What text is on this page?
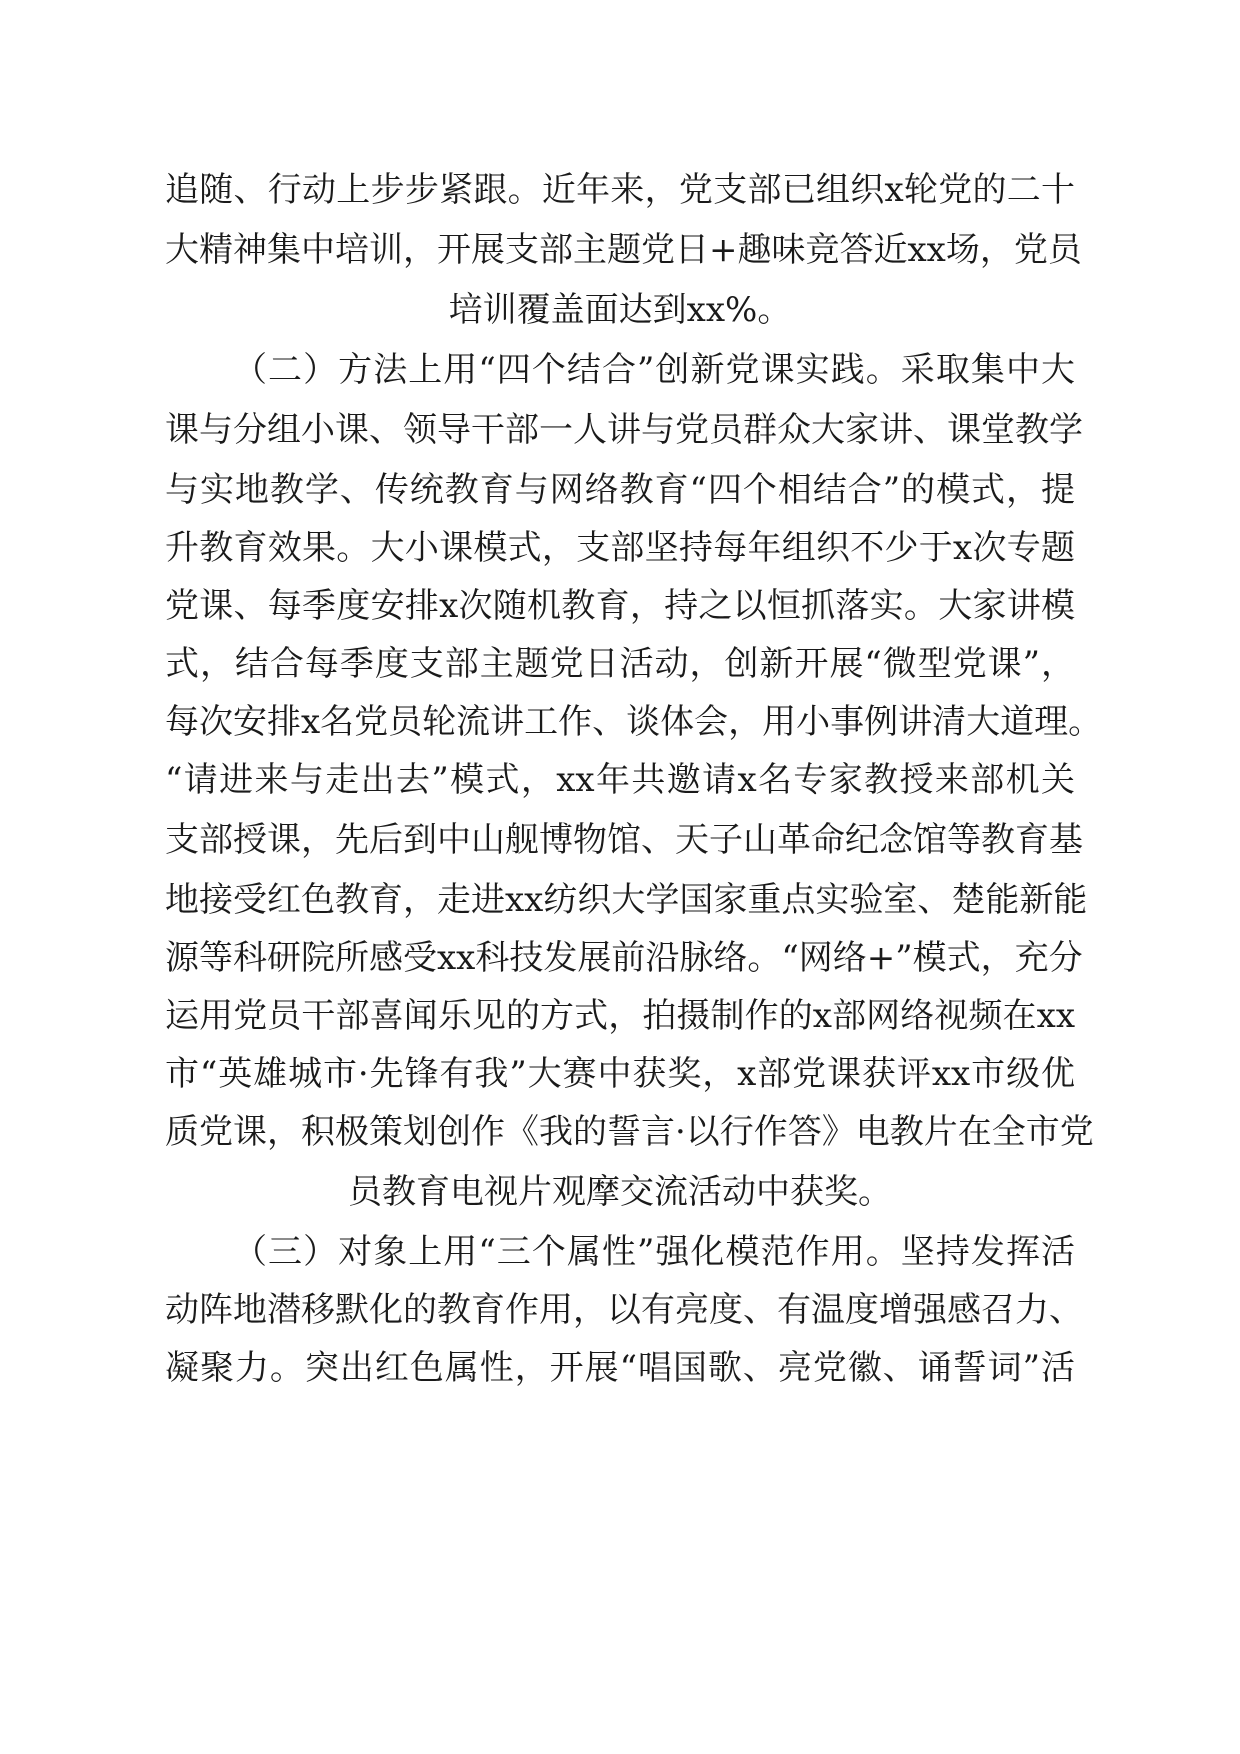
追随、行动上步步紧跟。近年来，党支部已组织x轮党的二十
大精神集中培训，开展支部主题党日+趣味竞答近xx场，党员
培训覆盖面达到xx%。
（二）方法上用“四个结合”创新党课实践。采取集中大
课与分组小课、领导干部一人讲与党员群众大家讲、课堂教学
与实地教学、传统教育与网络教育“四个相结合”的模式，提
升教育效果。大小课模式，支部坚持每年组织不少于x次专题
党课、每季度安排x次随机教育，持之以恒抓落实。大家讲模
式，结合每季度支部主题党日活动，创新开展“微型党课”，
每次安排x名党员轮流讲工作、谈体会，用小事例讲清大道理。
“请进来与走出去”模式，xx年共邀请x名专家教授来部机关
支部授课，先后到中山舰博物馆、天子山革命纪念馆等教育基
地接受红色教育，走进xx纺织大学国家重点实验室、楚能新能
源等科研院所感受xx科技发展前沿脉络。“网络+”模式，充分
运用党员干部喜闻乐见的方式，拍摄制作的x部网络视频在xx
市“英雄城市·先锋有我”大赛中获奖，x部党课获评xx市级优
质党课，积极策划创作《我的誓言·以行作答》电教片在全市党
员教育电视片观摩交流活动中获奖。
（三）对象上用“三个属性”强化模范作用。坚持发挥活
动阵地潜移默化的教育作用，以有亮度、有温度增强感召力、
凝聚力。突出红色属性，开展“唱国歌、亮党徽、诵誓词”活
